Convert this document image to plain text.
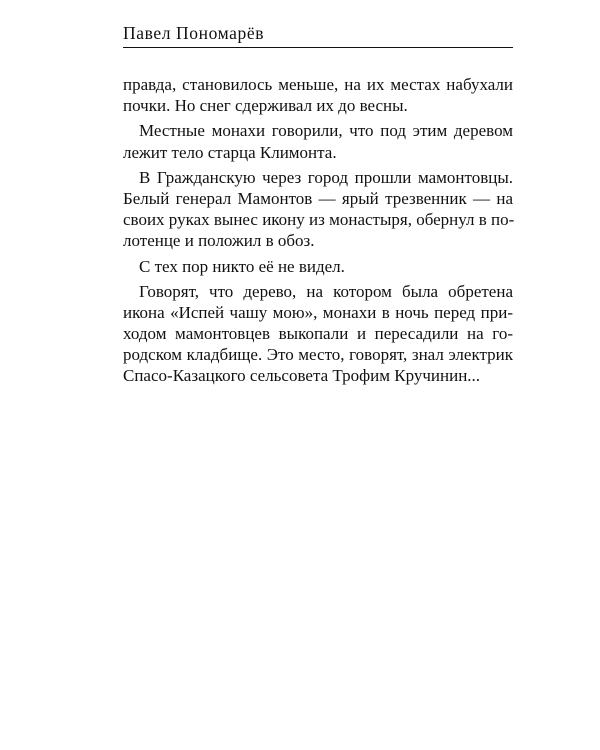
Павел Пономарёв
правда, становилось меньше, на их местах набухали
почки. Но снег сдерживал их до весны.
Местные монахи говорили, что под этим деревом
лежит тело старца Климонта.
В Гражданскую через город прошли мамонтовцы.
Белый генерал Мамонтов — ярый трезвенник — на
своих руках вынес икону из монастыря, обернул в по-
лотенце и положил в обоз.
С тех пор никто её не видел.
Говорят, что дерево, на котором была обретена
икона «Испей чашу мою», монахи в ночь перед при-
ходом мамонтовцев выкопали и пересадили на го-
родском кладбище. Это место, говорят, знал электрик
Спасо-Казацкого сельсовета Трофим Кручинин...
